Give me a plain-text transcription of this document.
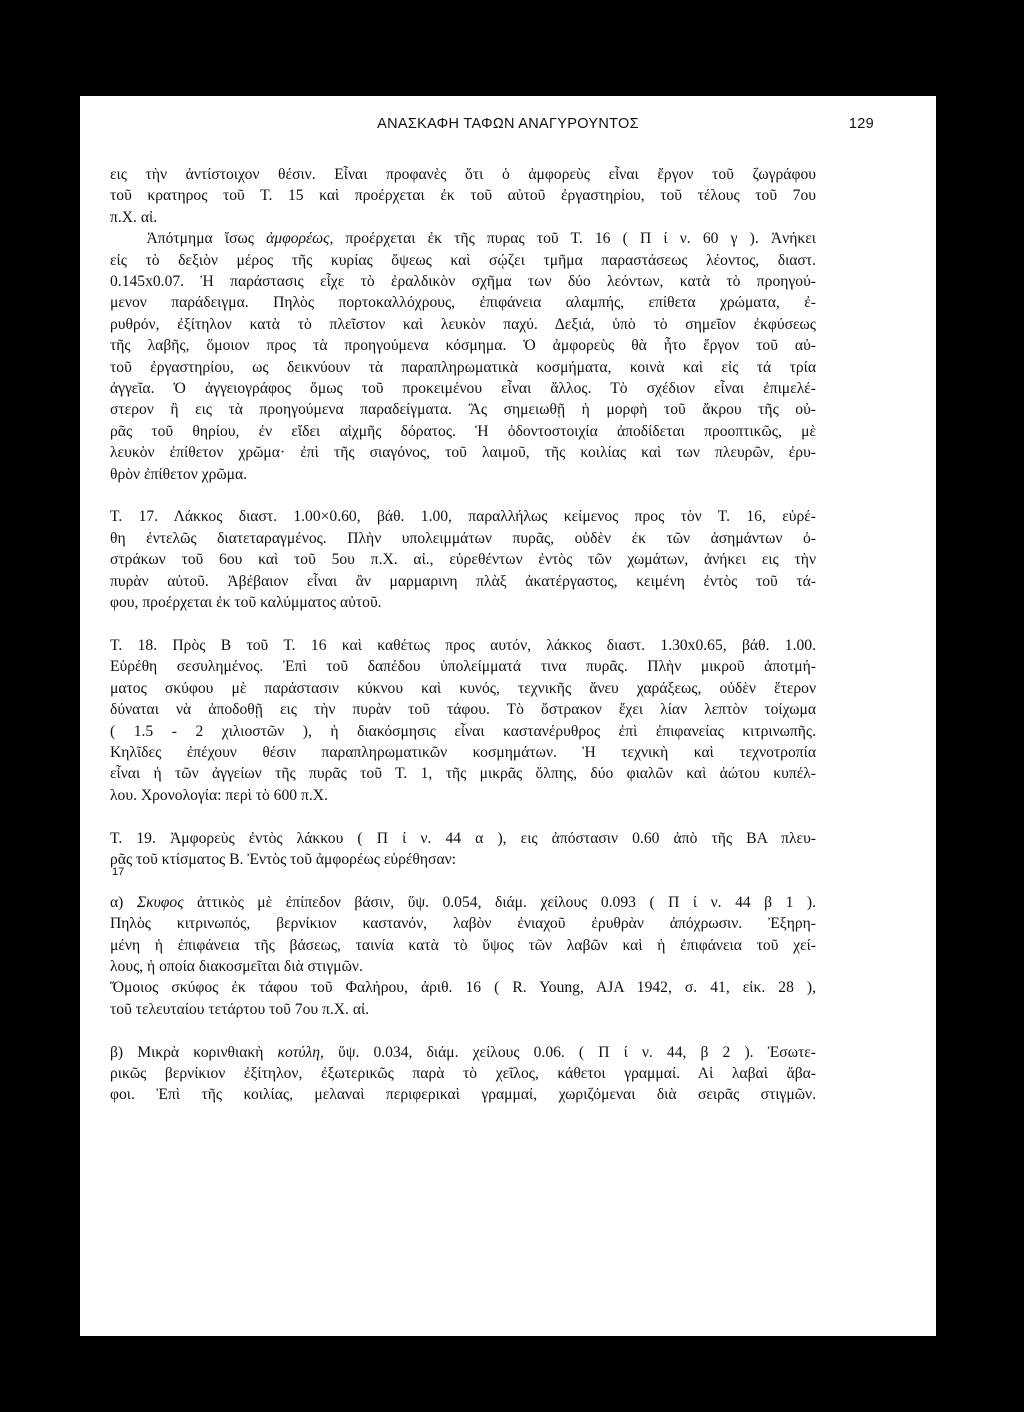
ΑΝΑΣΚΑΦΗ ΤΑΦΩΝ ΑΝΑΓΥΡΟΥΝΤΟΣ	129

εις τὴν ἀντίστοιχον θέσιν. Εἶναι προφανὲς ὅτι ὁ ἀμφορεὺς εἶναι ἔργον τοῦ ζωγράφου
τοῦ κρατηρος τοῦ Τ. 15 καὶ προέρχεται ἐκ τοῦ αὐτοῦ ἐργαστηρίου, τοῦ τέλους τοῦ 7ου
π.Χ. αἰ.

Ἀπότμημα ἴσως ἀμφορέως, προέρχεται ἐκ τῆς πυρας τοῦ Τ. 16 ( Π ί ν. 60 γ ). Ἀνήκει
εἰς τὸ δεξιὸν μέρος τῆς κυρίας ὄψεως καὶ σῴζει τμῆμα παραστάσεως λέοντος, διαστ.
0.145x0.07. Ἡ παράστασις εἶχε τὸ ἐραλδικὸν σχῆμα των δύο λεόντων, κατὰ τὸ προηγού-
μενον παράδειγμα. Πηλὸς πορτοκαλλόχρους, ἐπιφάνεια αλαμπής, επίθετα χρώματα, ἐ-
ρυθρόν, ἐξίτηλον κατὰ τὸ πλεῖστον καὶ λευκὸν παχύ. Δεξιά, ὑπὸ τὸ σημεῖον ἐκφύσεως
τῆς λαβῆς, ὅμοιον προς τὰ προηγούμενα κόσμημα. Ὁ ἀμφορεὺς θὰ ἦτο ἔργον τοῦ αὐ-
τοῦ ἐργαστηρίου, ως δεικνύουν τὰ παραπληρωματικὰ κοσμήματα, κοινὰ καὶ εἰς τά τρία
ἀγγεῖα. Ὁ ἀγγειογράφος ὅμως τοῦ προκειμένου εἶναι ἄλλος. Τὸ σχέδιον εἶναι ἐπιμελέ-
στερον ἢ εις τὰ προηγούμενα παραδείγματα. Ἂς σημειωθῇ ἡ μορφὴ τοῦ ἄκρου τῆς οὐ-
ρᾶς τοῦ θηρίου, ἐν εἴδει αἰχμῆς δόρατος. Ἡ ὀδοντοστοιχία ἀποδίδεται προοπτικῶς, μὲ
λευκὸν ἐπίθετον χρῶμα· ἐπὶ τῆς σιαγόνος, τοῦ λαιμοῦ, τῆς κοιλίας καὶ των πλευρῶν, ἐρυ-
θρὸν ἐπίθετον χρῶμα.

Τ. 17. Λάκκος διαστ. 1.00×0.60, βάθ. 1.00, παραλλήλως κείμενος προς τὸν Τ. 16, εὑρέ-
θη ἐντελῶς διατεταραγμένος. Πλὴν υπολειμμάτων πυρᾶς, οὐδὲν ἐκ τῶν ἀσημάντων ὀ-
στράκων τοῦ 6ου καὶ τοῦ 5ου π.Χ. αἰ., εὑρεθέντων ἐντὸς τῶν χωμάτων, ἀνήκει εις τὴν
πυρὰν αὐτοῦ. Ἀβέβαιον εἶναι ἂν μαρμαρινη πλὰξ ἀκατέργαστος, κειμένη ἐντὸς τοῦ τά-
φου, προέρχεται ἐκ τοῦ καλύμματος αὐτοῦ.

Τ. 18. Πρὸς Β τοῦ Τ. 16 καὶ καθέτως προς αυτόν, λάκκος διαστ. 1.30x0.65, βάθ. 1.00.
Εὑρέθη σεσυλημένος. Ἐπὶ τοῦ δαπέδου ὑπολείμματά τινα πυρᾶς. Πλὴν μικροῦ ἀποτμή-
ματος σκύφου μὲ παράστασιν κύκνου καὶ κυνός, τεχνικῆς ἄνευ χαράξεως, οὐδὲν ἕτερον
δύναται νὰ ἀποδοθῇ εις τὴν πυρὰν τοῦ τάφου. Τὸ ὄστρακον ἔχει λίαν λεπτὸν τοίχωμα
( 1.5 - 2 χιλιοστῶν ), ἡ διακόσμησις εἶναι καστανέρυθρος ἐπὶ ἐπιφανείας κιτρινωπῆς.
Κηλῖδες ἐπέχουν θέσιν παραπληρωματικῶν κοσμημάτων. Ἡ τεχνικὴ καὶ τεχνοτροπία
εἶναι ἡ τῶν ἀγγείων τῆς πυρᾶς τοῦ Τ. 1, τῆς μικρᾶς ὄλπης, δύο φιαλῶν καὶ ἀώτου κυπέλ-
λου. Χρονολογία: περὶ τὸ 600 π.Χ.

Τ. 19. Ἀμφορεὺς ἐντὸς λάκκου ( Π ί ν. 44 α ), εις ἀπόστασιν 0.60 ἀπὸ τῆς ΒΑ πλευ-
ρᾶς τοῦ κτίσματος Β. Ἐντὸς τοῦ ἀμφορέως εὑρέθησαν:

α) Σκυφος ἀττικὸς μὲ ἐπίπεδον βάσιν, ὕψ. 0.054, διάμ. χείλους 0.093 ( Π ί ν. 44 β 1 ).
Πηλὸς κιτρινωπός, βερνίκιον καστανόν, λαβὸν ἐνιαχοῦ ἐρυθρὰν ἀπόχρωσιν. Ἐξηρη-
μένη ἡ ἐπιφάνεια τῆς βάσεως, ταινία κατὰ τὸ ὕψος τῶν λαβῶν καὶ ἡ ἐπιφάνεια τοῦ χεί-
λους, ἡ οποία διακοσμεῖται διὰ στιγμῶν.
Ὅμοιος σκύφος ἐκ τάφου τοῦ Φαλήρου, ἀριθ. 16 ( R. Young, AJA 1942, σ. 41, εἰκ. 28 ),
τοῦ τελευταίου τετάρτου τοῦ 7ου π.Χ. αἰ.

β) Μικρὰ κορινθιακὴ κοτύλη, ὕψ. 0.034, διάμ. χείλους 0.06. ( Π ί ν. 44, β 2 ). Ἐσωτε-
ρικῶς βερνίκιον ἐξίτηλον, ἐξωτερικῶς παρὰ τὸ χεῖλος, κάθετοι γραμμαί. Αἱ λαβαὶ ἄβα-
φοι. Ἐπὶ τῆς κοιλίας, μελαναὶ περιφερικαὶ γραμμαί, χωριζόμεναι διὰ σειρᾶς στιγμῶν.

17
